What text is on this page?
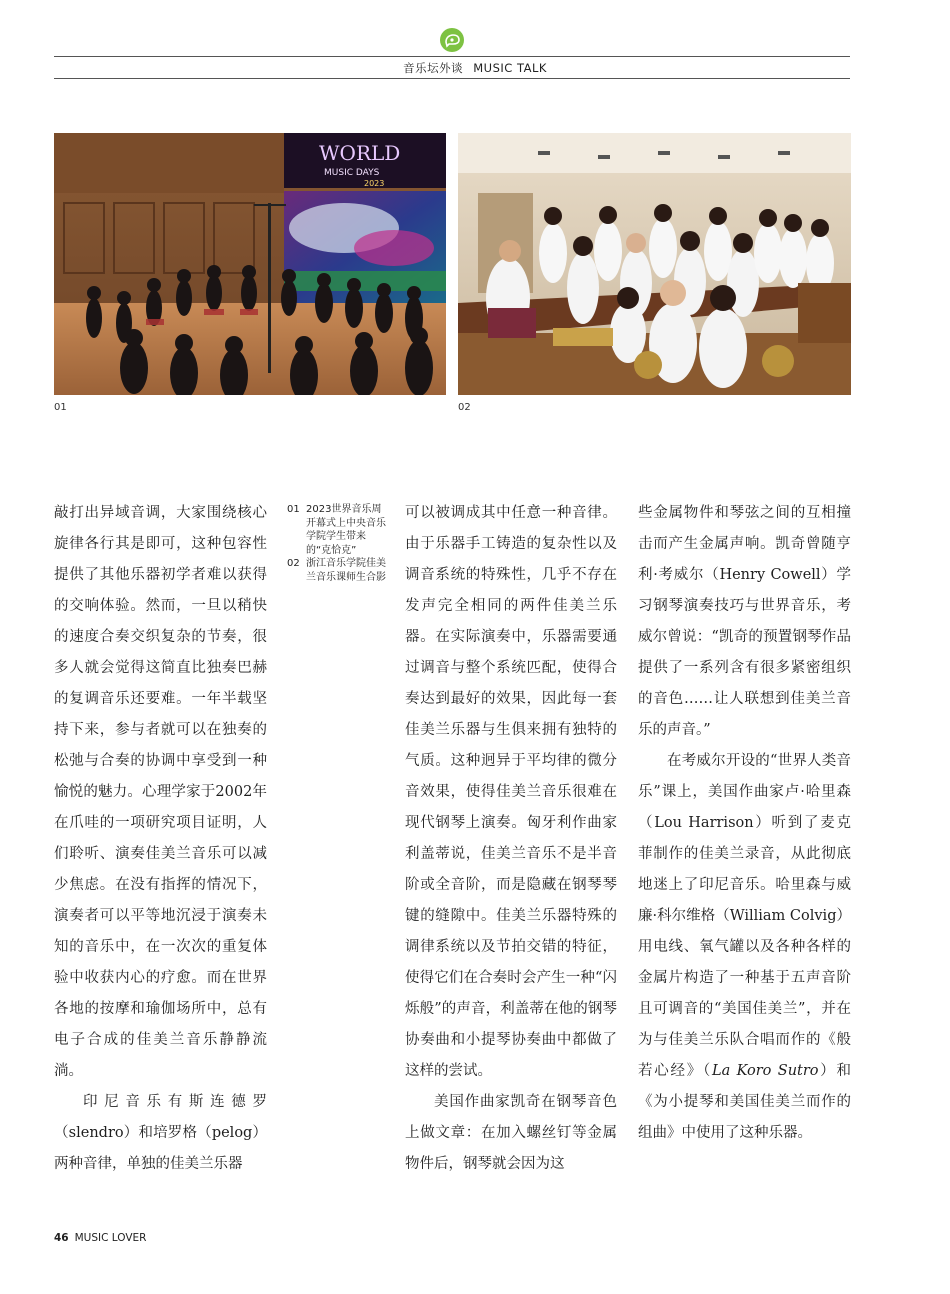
音乐坛外谈 MUSIC TALK
WORLD
MUSIC DAYS
2023
01	02

敲打出异域音调，大家围绕核心旋律各行其是即可，这种包容性提供了其他乐器初学者难以获得的交响体验。然而，一旦以稍快的速度合奏交织复杂的节奏，很多人就会觉得这简直比独奏巴赫的复调音乐还要难。一年半载坚持下来，参与者就可以在独奏的松弛与合奏的协调中享受到一种愉悦的魅力。心理学家于2002年在爪哇的一项研究项目证明，人们聆听、演奏佳美兰音乐可以减少焦虑。在没有指挥的情况下，演奏者可以平等地沉浸于演奏未知的音乐中，在一次次的重复体验中收获内心的疗愈。而在世界各地的按摩和瑜伽场所中，总有电子合成的佳美兰音乐静静流淌。

印尼音乐有斯连德罗（slendro）和培罗格（pelog）两种音律，单独的佳美兰乐器

01 2023世界音乐周开幕式上中央音乐学院学生带来的“克恰克”
02 浙江音乐学院佳美兰音乐课师生合影

可以被调成其中任意一种音律。由于乐器手工铸造的复杂性以及调音系统的特殊性，几乎不存在发声完全相同的两件佳美兰乐器。在实际演奏中，乐器需要通过调音与整个系统匹配，使得合奏达到最好的效果，因此每一套佳美兰乐器与生俱来拥有独特的气质。这种迥异于平均律的微分音效果，使得佳美兰音乐很难在现代钢琴上演奏。匈牙利作曲家利盖蒂说，佳美兰音乐不是半音阶或全音阶，而是隐藏在钢琴琴键的缝隙中。佳美兰乐器特殊的调律系统以及节拍交错的特征，使得它们在合奏时会产生一种“闪烁般”的声音，利盖蒂在他的钢琴协奏曲和小提琴协奏曲中都做了这样的尝试。

美国作曲家凯奇在钢琴音色上做文章：在加入螺丝钉等金属物件后，钢琴就会因为这

些金属物件和琴弦之间的互相撞击而产生金属声响。凯奇曾随亨利·考威尔（Henry Cowell）学习钢琴演奏技巧与世界音乐，考威尔曾说：“凯奇的预置钢琴作品提供了一系列含有很多紧密组织的音色……让人联想到佳美兰音乐的声音。”

在考威尔开设的“世界人类音乐”课上，美国作曲家卢·哈里森（Lou Harrison）听到了麦克菲制作的佳美兰录音，从此彻底地迷上了印尼音乐。哈里森与威廉·科尔维格（William Colvig）用电线、氧气罐以及各种各样的金属片构造了一种基于五声音阶且可调音的“美国佳美兰”，并在为与佳美兰乐队合唱而作的《般若心经》（La Koro Sutro）和《为小提琴和美国佳美兰而作的组曲》中使用了这种乐器。

46 MUSIC LOVER
